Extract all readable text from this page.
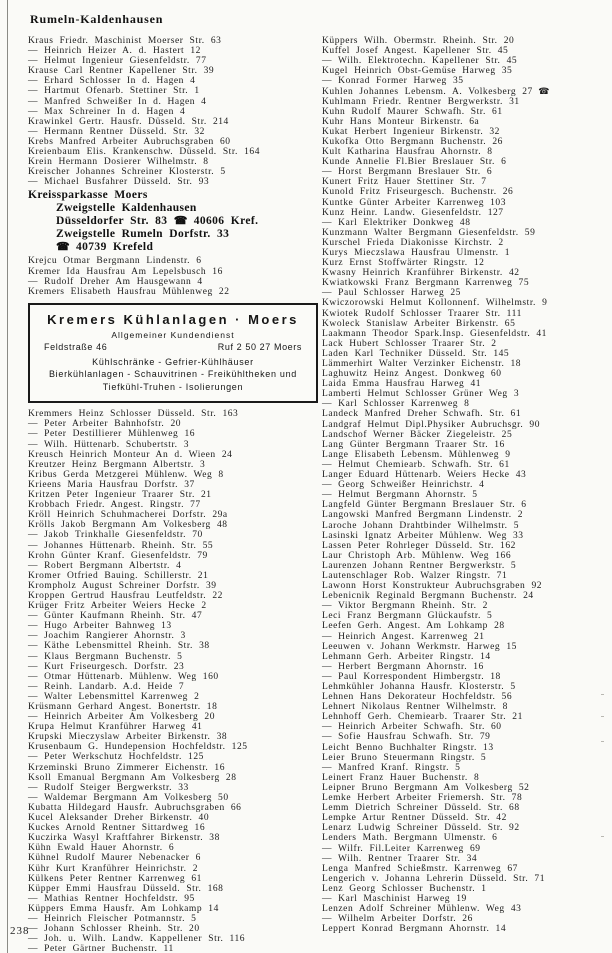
Rumeln-Kaldenhausen
Kraus Friedr. Maschinist Moerser Str. 63
— Heinrich Heizer A. d. Hastert 12
— Helmut Ingenieur Giesenfeldstr. 77
Krause Carl Rentner Kapellener Str. 39
— Erhard Schlosser In d. Hagen 4
— Hartmut Ofenarb. Stettiner Str. 1
— Manfred Schweißer In d. Hagen 4
— Max Schreiner In d. Hagen 4
Krawinkel Gertr. Hausfr. Düsseld. Str. 214
— Hermann Rentner Düsseld. Str. 32
Krebs Manfred Arbeiter Aubruchsgraben 60
Kreienbaum Elis. Krankenschw. Düsseld. Str. 164
Krein Hermann Dosierer Wilhelmstr. 8
Kreischer Johannes Schreiner Klosterstr. 5
— Michael Busfahrer Düsseld. Str. 93
Kreissparkasse Moers
Zweigstelle Kaldenhausen
Düsseldorfer Str. 83 ☎ 40606 Kref.
Zweigstelle Rumeln Dorfstr. 33
☎ 40739 Krefeld
Krejcu Otmar Bergmann Lindenstr. 6
Kremer Ida Hausfrau Am Lepelsbusch 16
— Rudolf Dreher Am Hausgewann 4
Kremers Elisabeth Hausfrau Mühlenweg 22
Kremers Kühlanlagen · Moers
Allgemeiner Kundendienst
Feldstraße 46	Ruf 2 50 27 Moers
Kühlschränke - Gefrier-Kühlhäuser
Bierkühlanlagen - Schauvitrinen - Freikühltheken und
Tiefkühl-Truhen - Isolierungen
Kremmers Heinz Schlosser Düsseld. Str. 163
— Peter Arbeiter Bahnhofstr. 20
— Peter Destillierer Mühlenweg 16
— Wilh. Hüttenarb. Schubertstr. 3
Kreusch Heinrich Monteur An d. Wieen 24
Kreutzer Heinz Bergmann Albertstr. 3
Kribus Gerda Metzgerei Mühlenw. Weg 8
Krieens Maria Hausfrau Dorfstr. 37
Kritzen Peter Ingenieur Traarer Str. 21
Krobbach Friedr. Angest. Ringstr. 77
Kröll Heinrich Schuhmacherei Dorfstr. 29a
Krölls Jakob Bergmann Am Volkesberg 48
— Jakob Trinkhalle Giesenfeldstr. 70
— Johannes Hüttenarb. Rheinh. Str. 55
Krohn Günter Kranf. Giesenfeldstr. 79
— Robert Bergmann Albertstr. 4
Kromer Otfried Bauing. Schillerstr. 21
Krompholz August Schreiner Dorfstr. 39
Kroppen Gertrud Hausfrau Leutfeldstr. 22
Krüger Fritz Arbeiter Weiers Hecke 2
— Günter Kaufmann Rheinh. Str. 47
— Hugo Arbeiter Bahnweg 13
— Joachim Rangierer Ahornstr. 3
— Käthe Lebensmittel Rheinh. Str. 38
— Klaus Bergmann Buchenstr. 5
— Kurt Friseurgesch. Dorfstr. 23
— Otmar Hüttenarb. Mühlenw. Weg 160
— Reinh. Landarb. A.d. Heide 7
— Walter Lebensmittel Karrenweg 2
Krüsmann Gerhard Angest. Bonertstr. 18
— Heinrich Arbeiter Am Volkesberg 20
Krupa Helmut Kranführer Harweg 41
Krupski Mieczyslaw Arbeiter Birkenstr. 38
Krusenbaum G. Hundepension Hochfeldstr. 125
— Peter Werkschutz Hochfeldstr. 125
Krzeminski Bruno Zimmerer Eichenstr. 16
Ksoll Emanual Bergmann Am Volkesberg 28
— Rudolf Steiger Bergwerkstr. 33
— Waldemar Bergmann Am Volkesberg 50
Kubatta Hildegard Hausfr. Aubruchsgraben 66
Kucel Aleksander Dreher Birkenstr. 40
Kuckes Arnold Rentner Sittardweg 16
Kuczirka Wasyl Kraftfahrer Birkenstr. 38
Kühn Ewald Hauer Ahornstr. 6
Kühnel Rudolf Maurer Nebenacker 6
Kühr Kurt Kranführer Heinrichstr. 2
Külkens Peter Rentner Karrenweg 61
Küpper Emmi Hausfrau Düsseld. Str. 168
— Mathias Rentner Hochfeldstr. 95
Küppers Emma Hausfr. Am Lohkamp 14
— Heinrich Fleischer Potmannstr. 5
— Johann Schlosser Rheinh. Str. 20
— Joh. u. Wilh. Landw. Kappellener Str. 116
— Peter Gärtner Buchenstr. 11
Küppers Wilh. Obermstr. Rheinh. Str. 20
Kuffel Josef Angest. Kapellener Str. 45
— Wilh. Elektrotechn. Kapellener Str. 45
Kugel Heinrich Obst-Gemüse Harweg 35
— Konrad Former Harweg 35
Kuhlen Johannes Lebensm. A. Volkesberg 27 ☎
Kuhlmann Friedr. Rentner Bergwerkstr. 31
Kuhn Rudolf Maurer Schwafh. Str. 61
Kuhr Hans Monteur Birkenstr. 6a
Kukat Herbert Ingenieur Birkenstr. 32
Kukofka Otto Bergmann Buchenstr. 26
Kult Katharina Hausfrau Ahornstr. 8
Kunde Annelie Fl.Bier Breslauer Str. 6
— Horst Bergmann Breslauer Str. 6
Kunert Fritz Hauer Stettiner Str. 7
Kunold Fritz Friseurgesch. Buchenstr. 26
Kuntke Günter Arbeiter Karrenweg 103
Kunz Heinr. Landw. Giesenfeldstr. 127
— Karl Elektriker Donkweg 48
Kunzmann Walter Bergmann Giesenfeldstr. 59
Kurschel Frieda Diakonisse Kirchstr. 2
Kurys Mieczslawa Hausfrau Ulmenstr. 1
Kurz Ernst Stoffwärter Ringstr. 12
Kwasny Heinrich Kranführer Birkenstr. 42
Kwiatkowski Franz Bergmann Karrenweg 75
— Paul Schlosser Harweg 25
Kwiczorowski Helmut Kollonnenf. Wilhelmstr. 9
Kwiotek Rudolf Schlosser Traarer Str. 111
Kwoleck Stanislaw Arbeiter Birkenstr. 65
Laakmann Theodor Spark.Insp. Giesenfeldstr. 41
Lack Hubert Schlosser Traarer Str. 2
Laden Karl Techniker Düsseld. Str. 145
Lämmerhirt Walter Verzinker Eichenstr. 18
Laghuwitz Heinz Angest. Donkweg 60
Laida Emma Hausfrau Harweg 41
Lamberti Helmut Schlosser Grüner Weg 3
— Karl Schlosser Karrenweg 8
Landeck Manfred Dreher Schwafh. Str. 61
Landgraf Helmut Dipl.Physiker Aubruchsgr. 90
Landschof Werner Bäcker Ziegeleistr. 25
Lang Günter Bergmann Traarer Str. 16
Lange Elisabeth Lebensm. Mühlenweg 9
— Helmut Chemiearb. Schwafh. Str. 61
Langer Eduard Hüttenarb. Weiers Hecke 43
— Georg Schweißer Heinrichstr. 4
— Helmut Bergmann Ahornstr. 5
Langfeld Günter Bergmann Breslauer Str. 6
Langowski Manfred Bergmann Lindenstr. 2
Laroche Johann Drahtbinder Wilhelmstr. 5
Lasinski Ignatz Arbeiter Mühlenw. Weg 33
Lassen Peter Rohrleger Düsseld. Str. 162
Laur Christoph Arb. Mühlenw. Weg 166
Laurenzen Johann Rentner Bergwerkstr. 5
Lautenschlager Rob. Walzer Ringstr. 71
Lawonn Horst Konstrukteur Aubruchsgraben 92
Lebenicnik Reginald Bergmann Buchenstr. 24
— Viktor Bergmann Rheinh. Str. 2
Leci Franz Bergmann Glückaufstr. 5
Leefen Gerh. Angest. Am Lohkamp 28
— Heinrich Angest. Karrenweg 21
Leeuwen v. Johann Werkmstr. Harweg 15
Lehmann Gerh. Arbeiter Ringstr. 14
— Herbert Bergmann Ahornstr. 16
— Paul Korrespondent Himbergstr. 18
Lehmkühler Johanna Hausfr. Klosterstr. 5
Lehnen Hans Dekorateur Hochfeldstr. 56
Lehnert Nikolaus Rentner Wilhelmstr. 8
Lehnhoff Gerh. Chemiearb. Traarer Str. 21
— Heinrich Arbeiter Schwafh. Str. 60
— Sofie Hausfrau Schwafh. Str. 79
Leicht Benno Buchhalter Ringstr. 13
Leier Bruno Steuermann Ringstr. 5
— Manfred Kranf. Ringstr. 5
Leinert Franz Hauer Buchenstr. 8
Leipner Bruno Bergmann Am Volkesberg 52
Lemke Herbert Arbeiter Friemersh. Str. 78
Lemm Dietrich Schreiner Düsseld. Str. 68
Lempke Artur Rentner Düsseld. Str. 42
Lenarz Ludwig Schreiner Düsseld. Str. 92
Lenders Math. Bergmann Ulmenstr. 6
— Wilfr. Fil.Leiter Karrenweg 69
— Wilh. Rentner Traarer Str. 34
Lenga Manfred Schießmstr. Karrenweg 67
Lengerich v. Johanna Lehrerin Düsseld. Str. 71
Lenz Georg Schlosser Buchenstr. 1
— Karl Maschinist Harweg 19
Lenzen Adolf Schreiner Mühlenw. Weg 43
— Wilhelm Arbeiter Dorfstr. 26
Leppert Konrad Bergmann Ahornstr. 14
238
